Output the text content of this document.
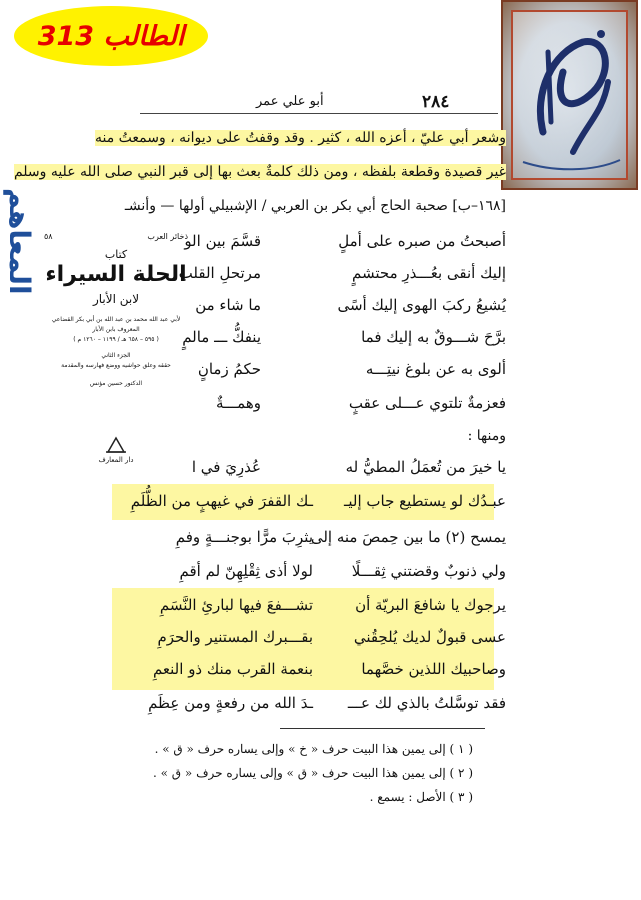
الطالب 313
المعاهم	ذخائر العرب
٥٨
كتاب
الحلة السيراء
لابن الأبار
لأبي عبد الله محمد بن عبد الله بن أبي بكر القضاعي
المعروف بابن الأبار
( ٥٩٥ – ٦٥٨ هـ / ١١٩٩ – ١٢٦٠ م )
الجزء الثاني
حققه وعلق حواشيه ووضع فهارسه والمقدمة
الدكتور حسين مؤنس
دار المعارف
٢٨٤
أبو علي عمر
وشعر أبي عليّ ، أعزه الله ، كثير . وقد وقفتُ على ديوانه ، وسمعتُ منه
غير قصيدة وقطعة بلفظه ، ومن ذلك كلمةٌ بعث بها إلى قبر النبي صلى الله عليه وسلم
[١٦٨–ب] صحبة الحاج أبي بكر بن العربي / الإشبيلي أولها — وأنشـ
أصبحتُ من صبره على أملٍ
قسَّمَ بين الو
إليك أنقى بعُـــذرِ محتشمٍ
مرتحلِ القلب
يُشيعُ ركبَ الهوى إليك أسًى
ما شاء من
برَّحَ شـــوقٌ به إليك فما
ينفكُّ ـــ مالمٍ
ألوى به عن بلوغ نيتِـــه
حكمُ زمانٍ
فعزمةٌ تلتوي عـــلى عقبٍ
وهمـــةٌ
ومنها :
يا خيرَ من تُعمَلُ المطيُّ له
عُذرِيَ في ا
عبـدُك لو يستطيع جاب إليـ
ـك القفرَ في غيهبٍ من الظُّلَمِ
يمسح (٢) ما بين حِمصَ منه إلى
يثرِبَ مرًّا بوجنـــةٍ وفمِ
ولي ذنوبٌ وقضتني ثِقـــلًا
لولا أذى ثِقْلِهِنّ لم أقمِ
يرجوك يا شافعَ البريّة أن
تشـــفعَ فيها لبارئِ النَّسَمِ
عسى قبولٌ لديك يُلحِقُني
بقـــبرك المستنير والحرَمِ
وصاحبيك اللذين خصَّهما
بنعمة القرب منك ذو النعمِ
فقد توسَّلتُ بالذي لك عـــ
ـدَ الله من رفعةٍ ومن عِظَمِ
( ١ ) إلى يمين هذا البيت حرف « خ » وإلى يساره حرف « ق » .
( ٢ ) إلى يمين هذا البيت حرف « ق » وإلى يساره حرف « ق » .
( ٣ ) الأصل : يسمع .
